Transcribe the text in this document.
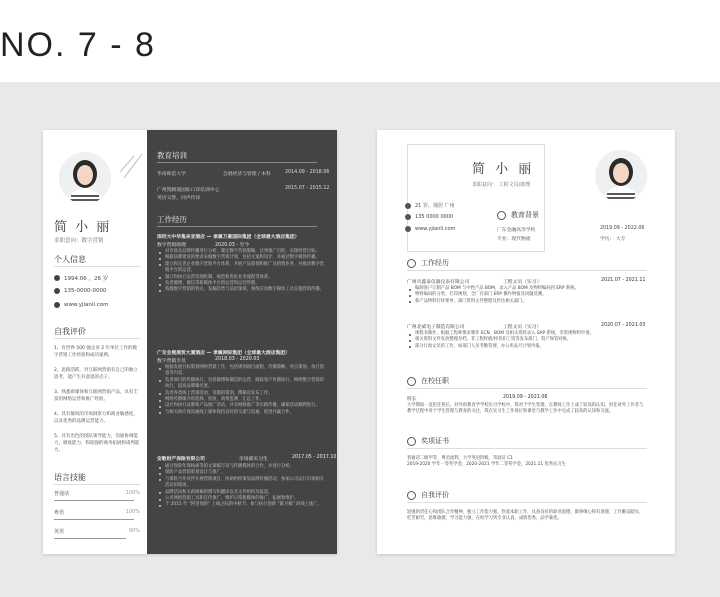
NO. 7 - 8
简 小 丽
求职意向：数字营销
个人信息
1994.06 ，26 岁
135-0000-0000
www.yjianli.com
自我评价
1、有世界 500 强企业 2 年单位工作的数字营销工作经验和成功案例。
2、思路活跃，对互联网营销有自己的独立思考，能产生有意思的点子。
3、熟悉新媒体和互联网营销产品，具有丰富的网络运营和推广经验。
4、具有敏锐的市场洞察力和商业敏感度，以及优秀的品牌运营能力。
5、具有出色的团队领导能力，沟通协调能力，吸收能力，和较强的商务拓展和谈判能力。
语言技能
普通话	100%
粤语	100%
英语	90%
教育培训
华南师范大学	会展经济与管理 / 本科	2014.09 - 2018.06
广州凯腾迪国际口译培训中心	2015.07 - 2015.12
英语交替，同声传译
工作经历
深圳大中华集来亚酒店 — 承属万豪国际集团（全球最大酒店集团）
数字营销助理	2020.03 - 至今
对市场及品牌传播进行分析，制定数字营销策略，达到推广目的，实现经营目标。
根据品牌建设的要求来做数字营销计划，包括文案和设计，并通过数字媒体传播。
建立和完善企业数字营销平台体系，开展产品策划和推广及销售业务，并推动数字营销平台的运营。
制订和执行运营管理机制、规范和优化业务流程等体系。
负责微博、微信等新媒体平台的运营和运营管理。
熟悉数字营销的特点，发掘趋势与前沿领域，熟练应用数字媒体工具实施营销传播。
广交会展展贸大厦酒店 — 隶属洲际集团（全球最大酒店集团）
数字营销专员	2018.03 - 2020.03
根据发展目标策划网络营销工作，包括规划项目流程、传播策略、亮点策划、执行创意等内容。
负责项目的传播执行，包括微博和微信的运营，跟踪客户传播执行，网络整合营销的执行，提高品牌曝光度。
负责各类线上营销活动、话题的策划，撰稿及发布工作。
网络传播媒介的选择、投放、效果监测、汇总工作。
设计和执行品牌和产品推广活动，并有网络推广等实践传播，确保活动顺利进行。
与相关供应商沟通线上媒体保持良好的交流与沟通，促进共赢合作。
安歌财产保险有限公司	市场部实习生	2017.05 - 2017.10
通过保险年保线索等的文案编写及与传播媒体的合作，并进行分析。
保险产品营销策划设计与推广。
与保险合作伙伴开展营销项目，协助组织策划品牌传播活动，参加公司运行市场相关活动的现场。
品牌活动和关新闻稿的撰写和翻译以及文件组织及报道。
公司网络营销工具和宣传推广，维护日常新媒体的推广，拓展和维护。
于 2015 年 “阿里保险” 上线之际的中秋节，参与执行创新 “累月稿” 的线上推广。
简 小 丽
求职意向： 工程文员/助理
21 岁，现居 广州
135 0000 0000
www.yjianli.com
教育背景
广东金融高等学校	2019.09 - 2022.06
专业：现代物流	学历： 大专
工作经历
广州市鑫泰仪器仪表有限公司	工程文员（实习）	2021.07 - 2021.11
编制客户订制产品 BOM 与中性产品 BOM，录入产品 BOM 及物料编码到 ERP 系统。
物料编码的分类、打印规划，全厂有部门 ERP 操作物值及同题反溯。
新产品物料打样要单，部门资料文件整理及传达相关部门。
广州北威电子制造有限公司	工程文员（实习）	2020.07 - 2021.03
规程书制作，根据工程师要求制作 ECN、BOM 及相关资料录入 SAP 系统，非常规物料申请。
相关资料文件发放整理存档，非工程样板/样机扣工资等发布部门，资产保管对账。
部分行政文员的工作，如部门人员考勤管理、办公用品月计划申报。
在校任职
班长	2019.09 - 2021.06
大学期间一直担任班长，对外的教育学学校实习学校中，我对于学生管理，在教师工作上成了较高的认知。担任对外工作者与教学过程中对于学生管理与教育的关注，我在实习生工作岗位和课堂与教学工作中完成了较高的认知和交流。
奖项证书
普通话二级甲等、粤语流利、大学英语四级、驾驶证 C1
2019-2020 学年一等奖学金，2020-2021 学年二等奖学金，2021.11 优秀实习生
自我评价
较强的责任心和团队合作精神，独立工作能力强，热爱本职工作，具备良好的职业道德，做事细心和有条理，工作勤奋踏实，吃苦耐劳，思维敏捷，学习能力强，在校学习到专业认真，成绩优秀，品学兼优。
